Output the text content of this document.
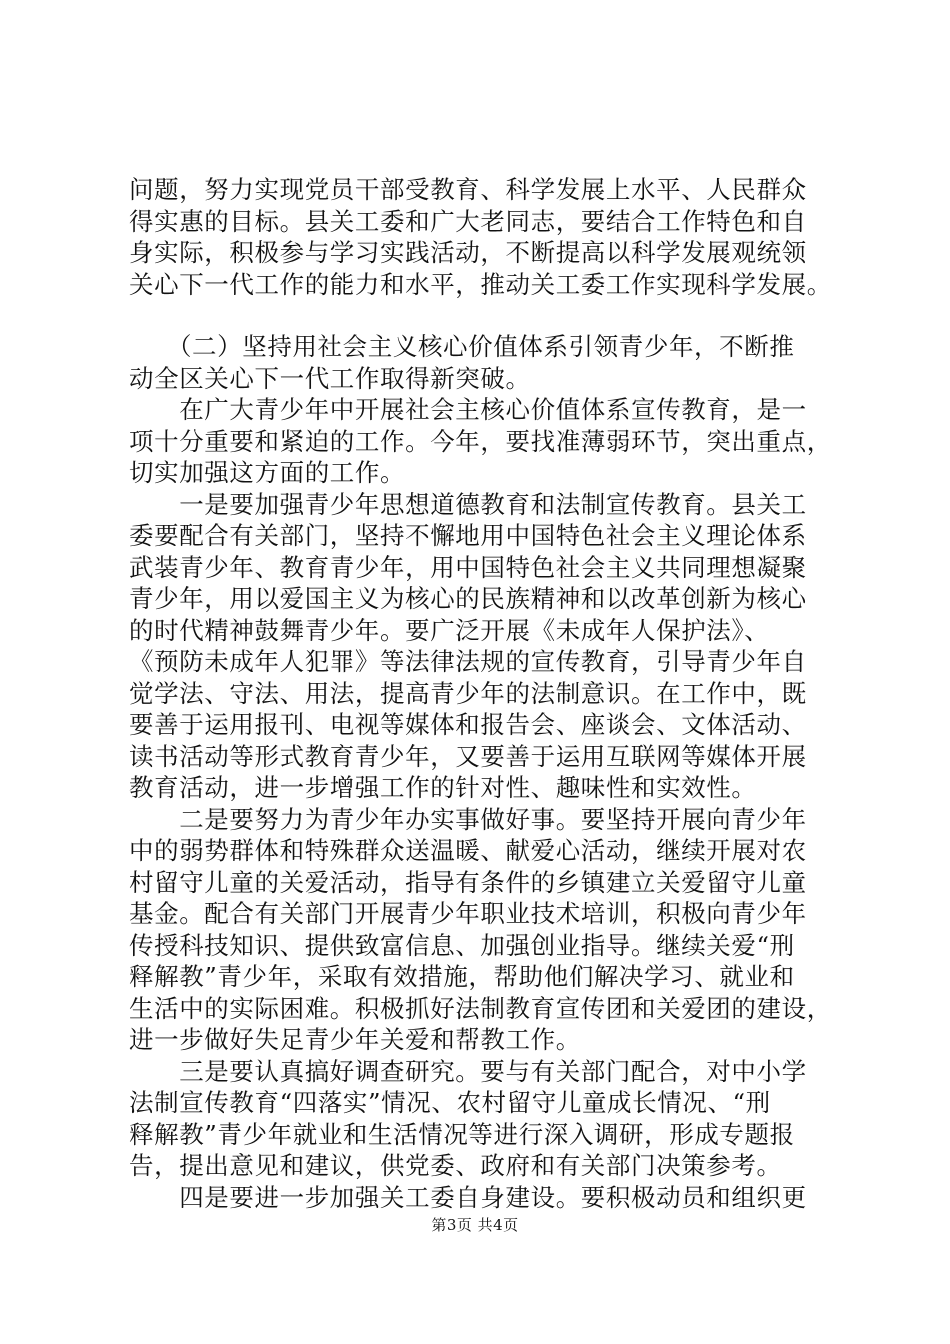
问题，努力实现党员干部受教育、科学发展上水平、人民群众
得实惠的目标。县关工委和广大老同志，要结合工作特色和自
身实际，积极参与学习实践活动，不断提高以科学发展观统领
关心下一代工作的能力和水平，推动关工委工作实现科学发展。
　　（二）坚持用社会主义核心价值体系引领青少年，不断推
动全区关心下一代工作取得新突破。
　　在广大青少年中开展社会主核心价值体系宣传教育，是一
项十分重要和紧迫的工作。今年，要找准薄弱环节，突出重点，
切实加强这方面的工作。
　　一是要加强青少年思想道德教育和法制宣传教育。县关工
委要配合有关部门，坚持不懈地用中国特色社会主义理论体系
武装青少年、教育青少年，用中国特色社会主义共同理想凝聚
青少年，用以爱国主义为核心的民族精神和以改革创新为核心
的时代精神鼓舞青少年。要广泛开展《未成年人保护法》、
《预防未成年人犯罪》等法律法规的宣传教育，引导青少年自
觉学法、守法、用法，提高青少年的法制意识。在工作中，既
要善于运用报刊、电视等媒体和报告会、座谈会、文体活动、
读书活动等形式教育青少年，又要善于运用互联网等媒体开展
教育活动，进一步增强工作的针对性、趣味性和实效性。
　　二是要努力为青少年办实事做好事。要坚持开展向青少年
中的弱势群体和特殊群众送温暖、献爱心活动，继续开展对农
村留守儿童的关爱活动，指导有条件的乡镇建立关爱留守儿童
基金。配合有关部门开展青少年职业技术培训，积极向青少年
传授科技知识、提供致富信息、加强创业指导。继续关爱“刑
释解教”青少年，采取有效措施，帮助他们解决学习、就业和
生活中的实际困难。积极抓好法制教育宣传团和关爱团的建设，
进一步做好失足青少年关爱和帮教工作。
　　三是要认真搞好调查研究。要与有关部门配合，对中小学
法制宣传教育“四落实”情况、农村留守儿童成长情况、“刑
释解教”青少年就业和生活情况等进行深入调研，形成专题报
告，提出意见和建议，供党委、政府和有关部门决策参考。
　　四是要进一步加强关工委自身建设。要积极动员和组织更
第3页 共4页
